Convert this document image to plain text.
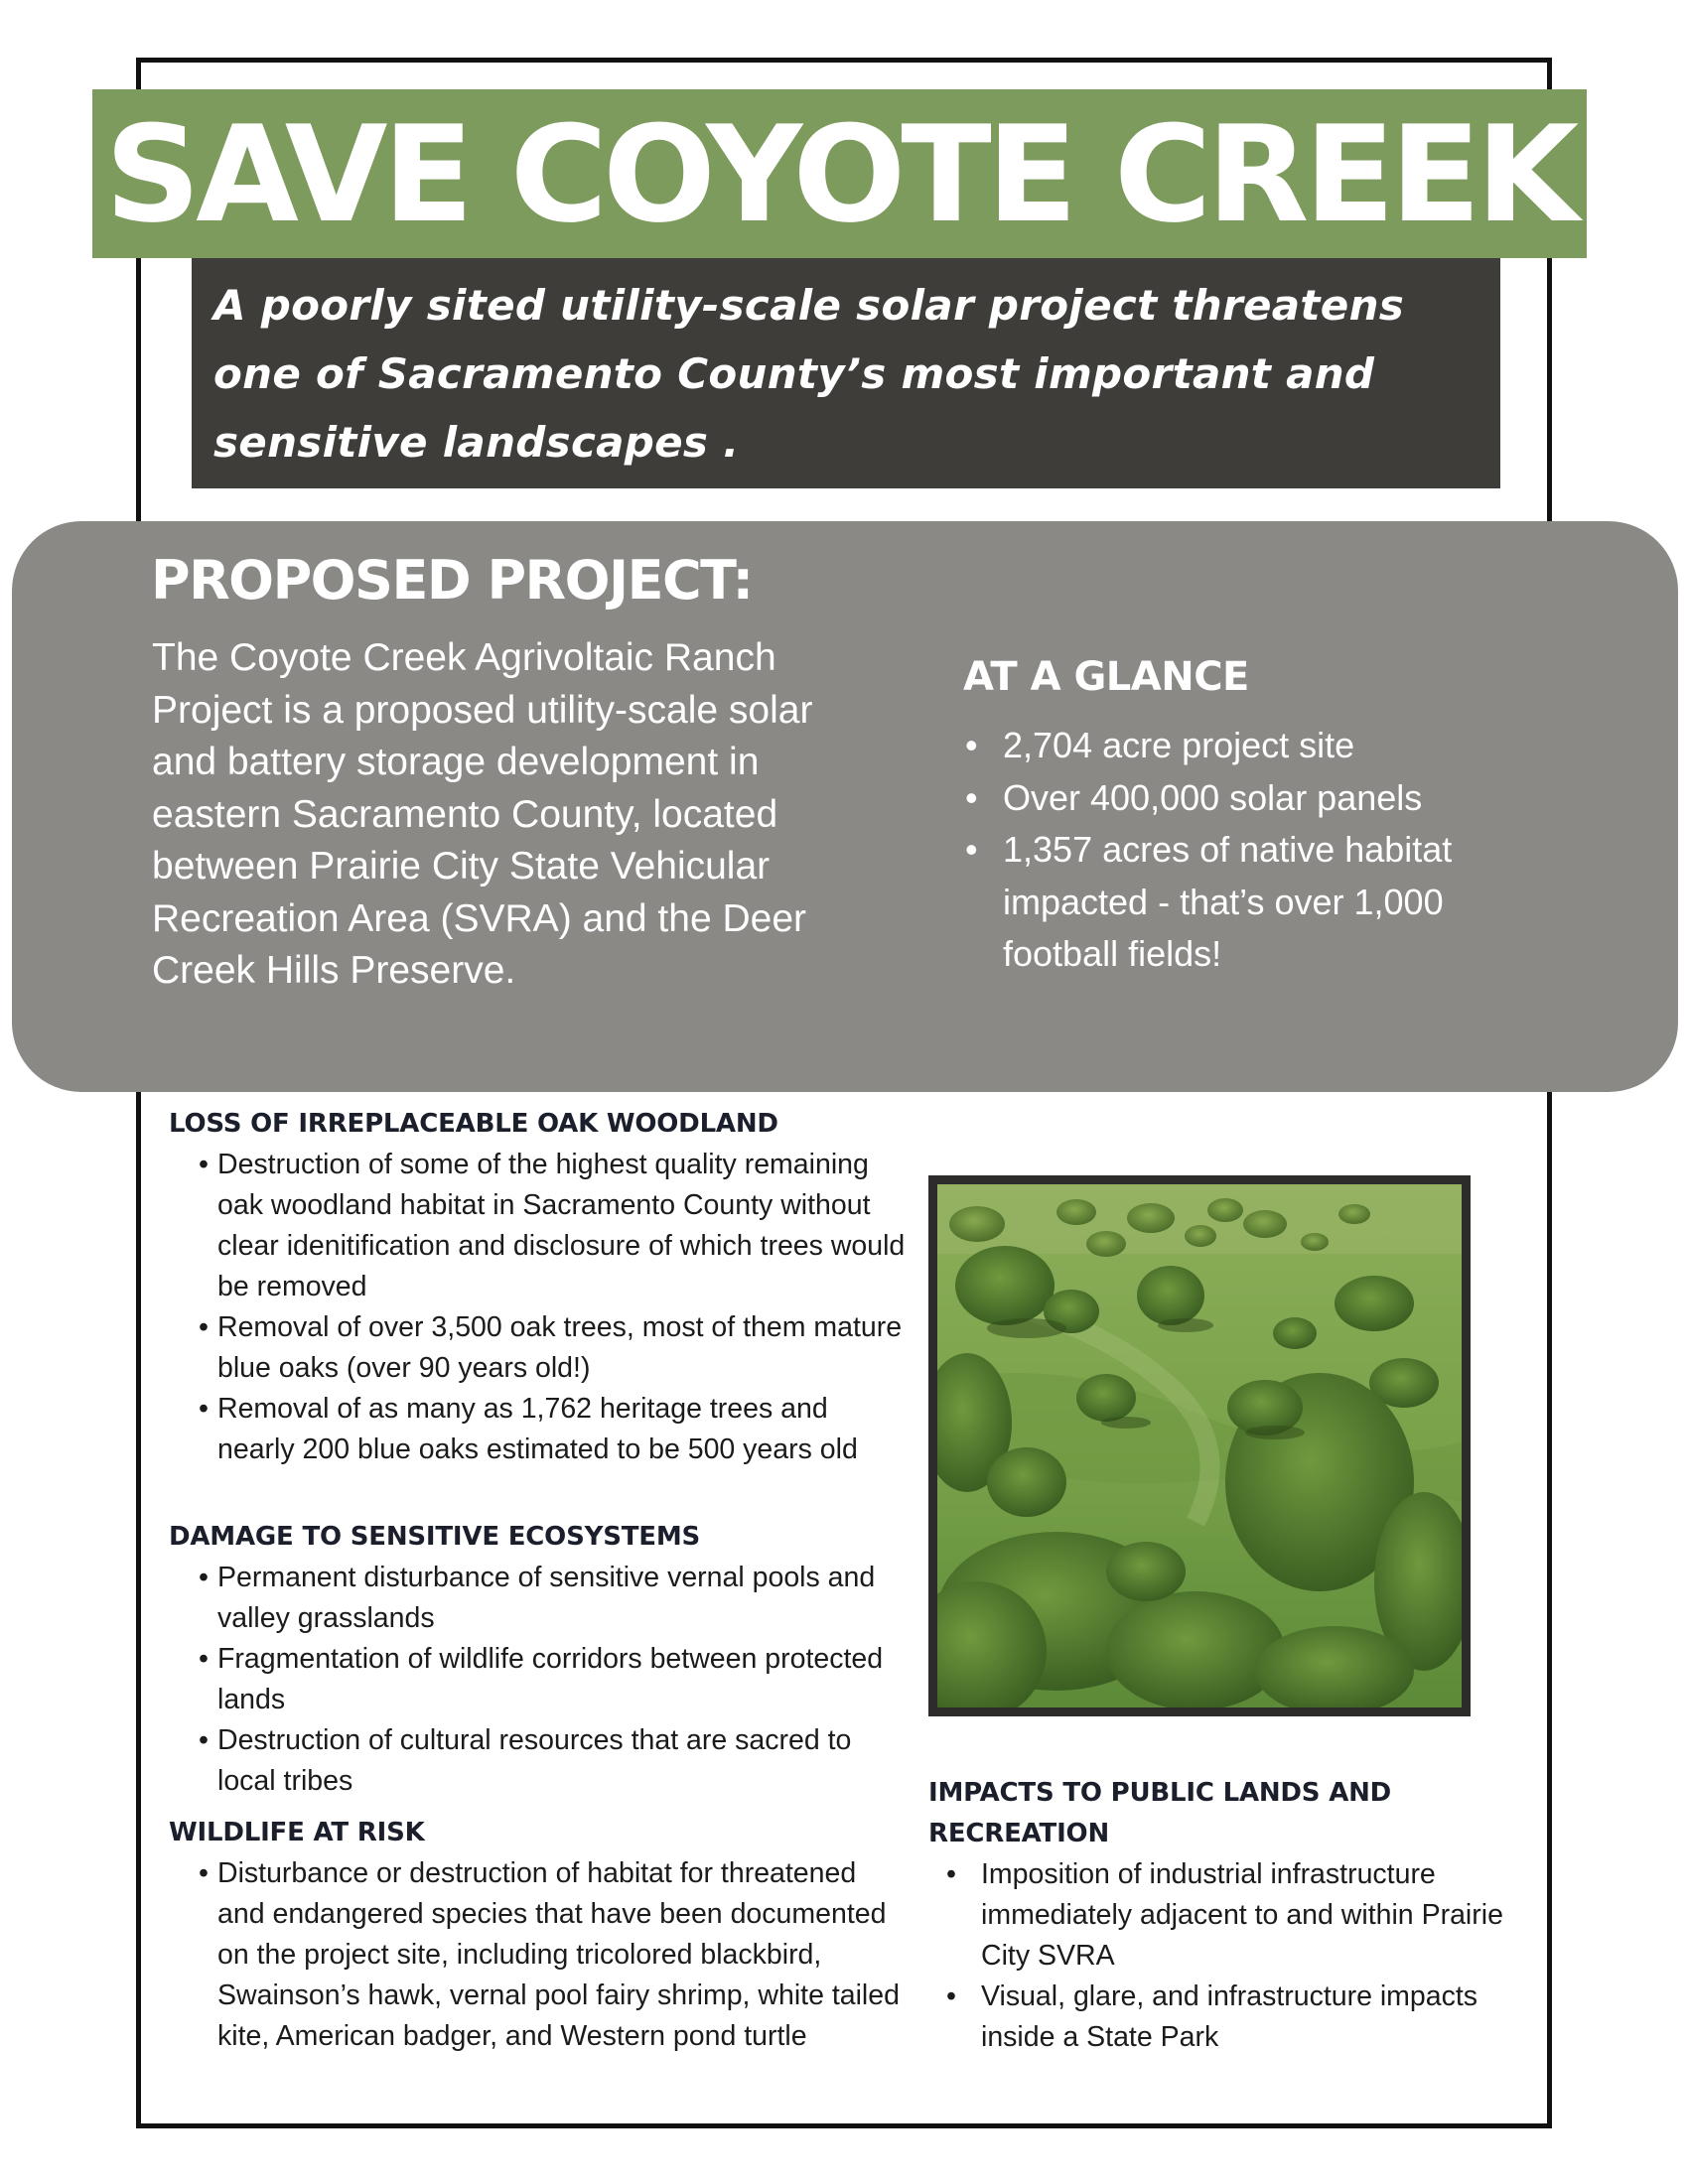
SAVE COYOTE CREEK
A poorly sited utility-scale solar project threatens one of Sacramento County’s most important and sensitive landscapes .
PROPOSED PROJECT:
The Coyote Creek Agrivoltaic Ranch Project is a proposed utility-scale solar and battery storage development in eastern Sacramento County, located between Prairie City State Vehicular Recreation Area (SVRA) and the Deer Creek Hills Preserve.
AT A GLANCE
• 2,704 acre project site
• Over 400,000 solar panels
• 1,357 acres of native habitat impacted - that’s over 1,000 football fields!
LOSS OF IRREPLACEABLE OAK WOODLAND
• Destruction of some of the highest quality remaining oak woodland habitat in Sacramento County without clear idenitification and disclosure of which trees would be removed
• Removal of over 3,500 oak trees, most of them mature blue oaks (over 90 years old!)
• Removal of as many as 1,762 heritage trees and nearly 200 blue oaks estimated to be 500 years old
DAMAGE TO SENSITIVE ECOSYSTEMS
• Permanent disturbance of sensitive vernal pools and valley grasslands
• Fragmentation of wildlife corridors between protected lands
• Destruction of cultural resources that are sacred to local tribes
WILDLIFE AT RISK
• Disturbance or destruction of habitat for threatened and endangered species that have been documented on the project site, including tricolored blackbird, Swainson’s hawk, vernal pool fairy shrimp, white tailed kite, American badger, and Western pond turtle
IMPACTS TO PUBLIC LANDS AND RECREATION
• Imposition of industrial infrastructure immediately adjacent to and within Prairie City SVRA
• Visual, glare, and infrastructure impacts inside a State Park
